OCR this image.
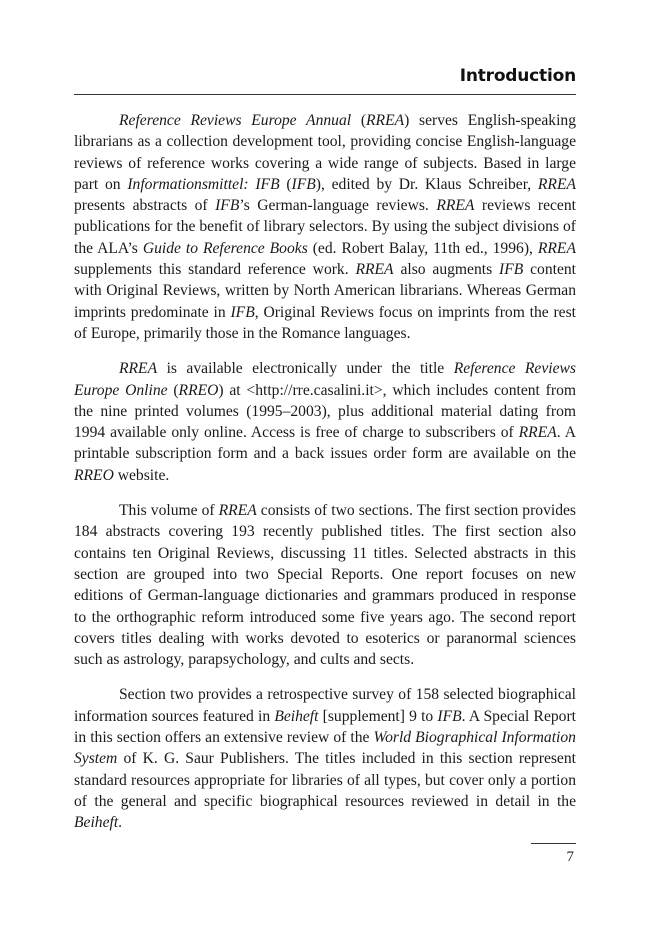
Introduction

Reference Reviews Europe Annual (RREA) serves English-speaking librarians as a collection development tool, providing concise English-language reviews of reference works covering a wide range of subjects. Based in large part on Informationsmittel: IFB (IFB), edited by Dr. Klaus Schreiber, RREA presents abstracts of IFB’s German-language reviews. RREA reviews recent publications for the benefit of library selectors. By using the subject divisions of the ALA’s Guide to Reference Books (ed. Robert Balay, 11th ed., 1996), RREA supplements this standard reference work. RREA also augments IFB content with Original Reviews, written by North American librarians. Whereas German imprints predominate in IFB, Original Reviews focus on imprints from the rest of Europe, primarily those in the Romance languages.

RREA is available electronically under the title Reference Reviews Europe Online (RREO) at <http://rre.casalini.it>, which includes content from the nine printed volumes (1995–2003), plus additional material dating from 1994 available only online. Access is free of charge to subscribers of RREA. A printable subscription form and a back issues order form are available on the RREO website.

This volume of RREA consists of two sections. The first section provides 184 abstracts covering 193 recently published titles. The first section also contains ten Original Reviews, discussing 11 titles. Selected abstracts in this section are grouped into two Special Reports. One report focuses on new editions of German-language dictionaries and grammars produced in response to the orthographic reform introduced some five years ago. The second report covers titles dealing with works devoted to esoterics or paranormal sciences such as astrology, parapsychology, and cults and sects.

Section two provides a retrospective survey of 158 selected biographical information sources featured in Beiheft [supplement] 9 to IFB. A Special Report in this section offers an extensive review of the World Biographical Information System of K. G. Saur Publishers. The titles included in this section represent standard resources appropriate for libraries of all types, but cover only a portion of the general and specific biographical resources reviewed in detail in the Beiheft.

7
